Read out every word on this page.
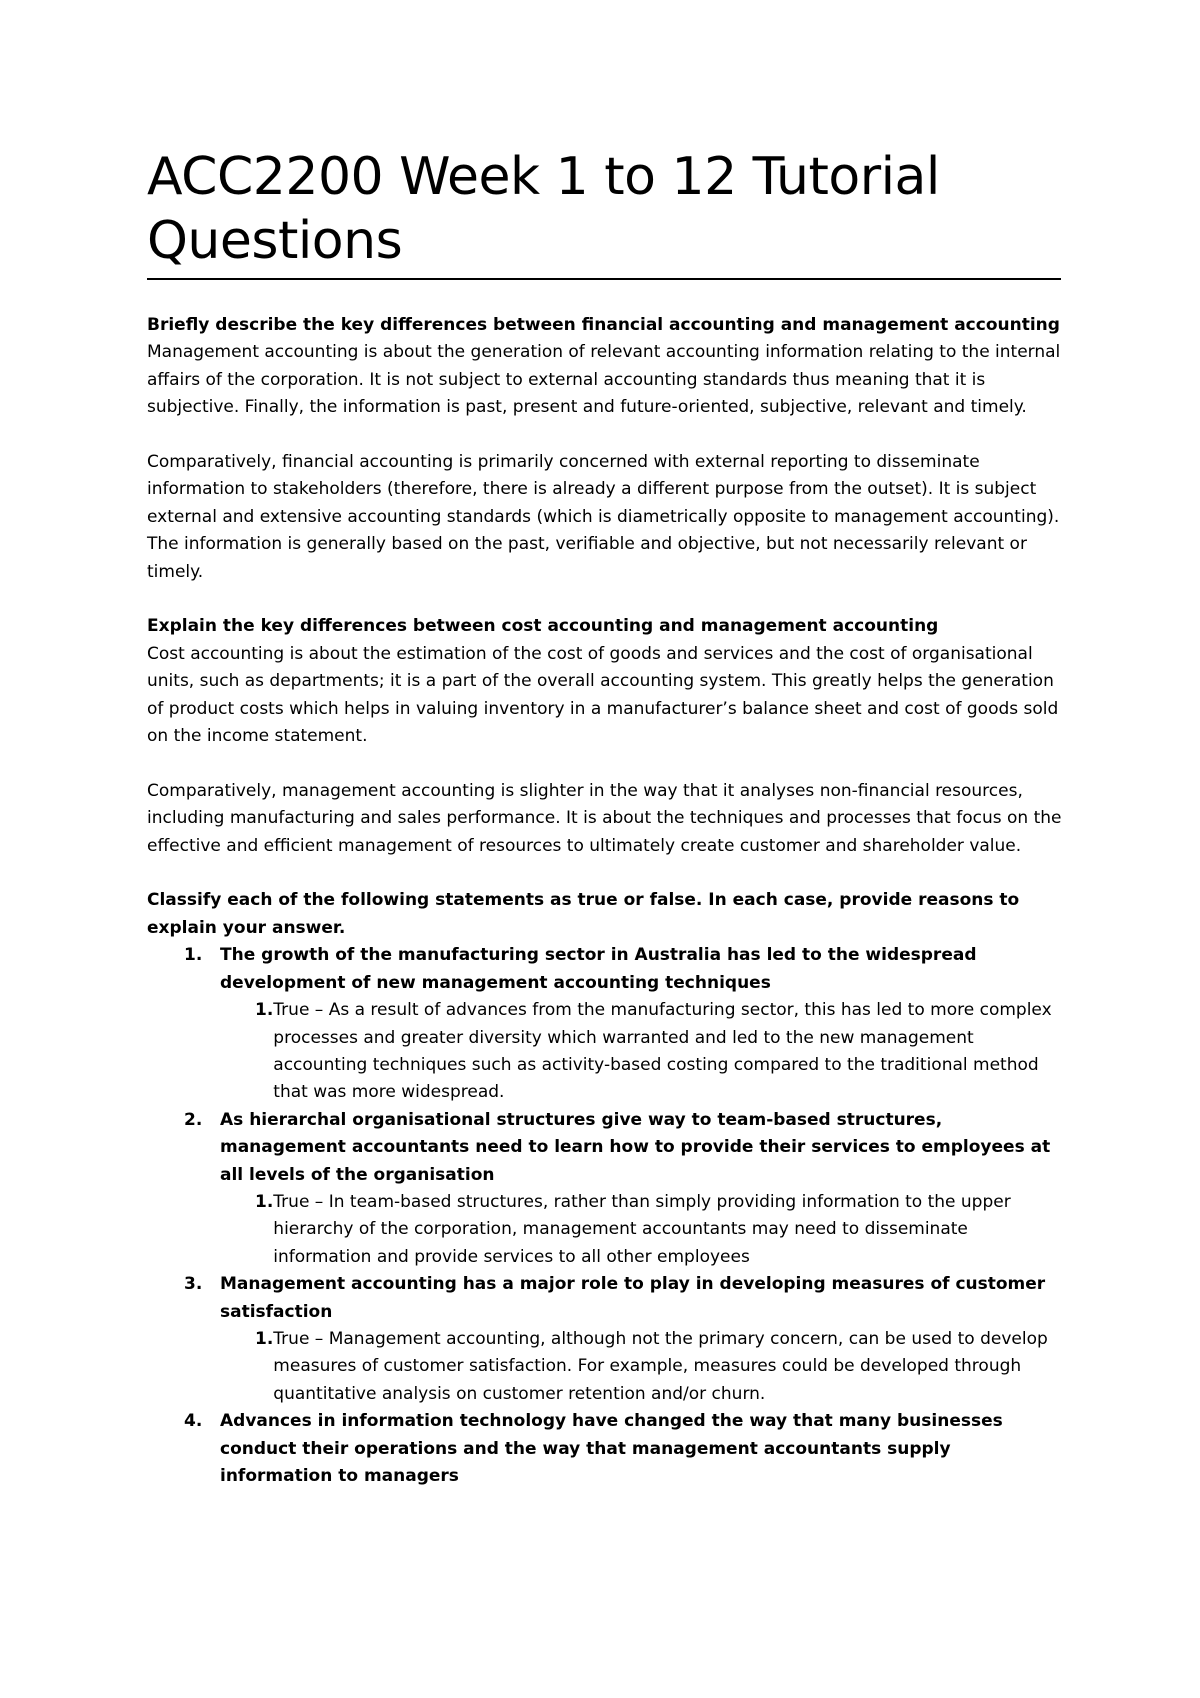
ACC2200 Week 1 to 12 Tutorial Questions

Briefly describe the key differences between financial accounting and management accounting

Management accounting is about the generation of relevant accounting information relating to the internal affairs of the corporation. It is not subject to external accounting standards thus meaning that it is subjective. Finally, the information is past, present and future-oriented, subjective, relevant and timely.

Comparatively, financial accounting is primarily concerned with external reporting to disseminate information to stakeholders (therefore, there is already a different purpose from the outset). It is subject external and extensive accounting standards (which is diametrically opposite to management accounting). The information is generally based on the past, verifiable and objective, but not necessarily relevant or timely.

Explain the key differences between cost accounting and management accounting

Cost accounting is about the estimation of the cost of goods and services and the cost of organisational units, such as departments; it is a part of the overall accounting system. This greatly helps the generation of product costs which helps in valuing inventory in a manufacturer’s balance sheet and cost of goods sold on the income statement.

Comparatively, management accounting is slighter in the way that it analyses non-financial resources, including manufacturing and sales performance. It is about the techniques and processes that focus on the effective and efficient management of resources to ultimately create customer and shareholder value.

Classify each of the following statements as true or false. In each case, provide reasons to explain your answer.

1.	The growth of the manufacturing sector in Australia has led to the widespread development of new management accounting techniques
1. True – As a result of advances from the manufacturing sector, this has led to more complex processes and greater diversity which warranted and led to the new management accounting techniques such as activity-based costing compared to the traditional method that was more widespread.
2.	As hierarchal organisational structures give way to team-based structures, management accountants need to learn how to provide their services to employees at all levels of the organisation
1. True – In team-based structures, rather than simply providing information to the upper hierarchy of the corporation, management accountants may need to disseminate information and provide services to all other employees
3.	Management accounting has a major role to play in developing measures of customer satisfaction
1. True – Management accounting, although not the primary concern, can be used to develop measures of customer satisfaction. For example, measures could be developed through quantitative analysis on customer retention and/or churn.
4.	Advances in information technology have changed the way that many businesses conduct their operations and the way that management accountants supply information to managers
